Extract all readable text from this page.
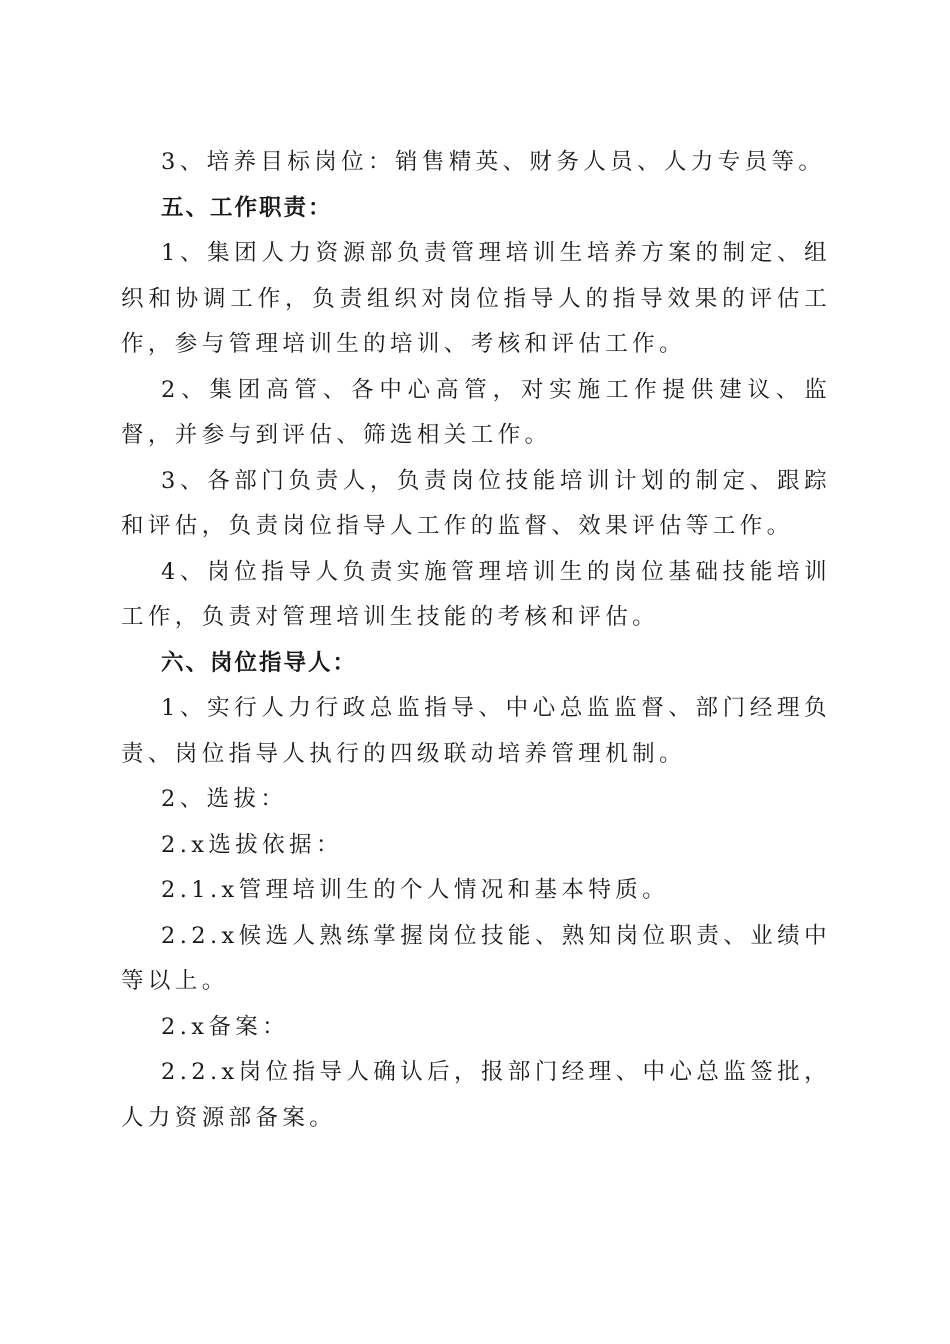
3、培养目标岗位：销售精英、财务人员、人力专员等。

五、工作职责：

1、集团人力资源部负责管理培训生培养方案的制定、组织和协调工作，负责组织对岗位指导人的指导效果的评估工作，参与管理培训生的培训、考核和评估工作。

2、集团高管、各中心高管，对实施工作提供建议、监督，并参与到评估、筛选相关工作。

3、各部门负责人，负责岗位技能培训计划的制定、跟踪和评估，负责岗位指导人工作的监督、效果评估等工作。

4、岗位指导人负责实施管理培训生的岗位基础技能培训工作，负责对管理培训生技能的考核和评估。

六、岗位指导人：

1、实行人力行政总监指导、中心总监监督、部门经理负责、岗位指导人执行的四级联动培养管理机制。

2、选拔：

2.x选拔依据：

2.1.x管理培训生的个人情况和基本特质。

2.2.x候选人熟练掌握岗位技能、熟知岗位职责、业绩中等以上。

2.x备案：

2.2.x岗位指导人确认后，报部门经理、中心总监签批，人力资源部备案。
